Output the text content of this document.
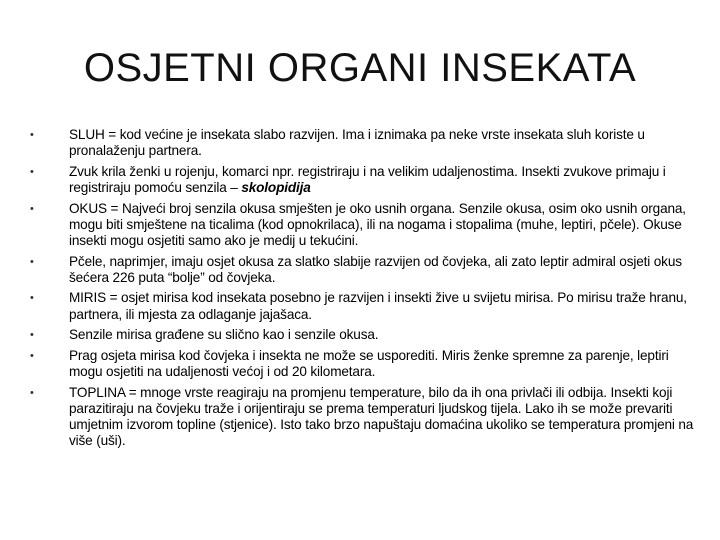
OSJETNI ORGANI INSEKATA
•	SLUH = kod većine je insekata slabo razvijen. Ima i iznimaka pa neke vrste insekata sluh koriste u pronalaženju partnera.
•	Zvuk krila ženki u rojenju, komarci npr. registriraju i na velikim udaljenostima. Insekti zvukove primaju i registriraju pomoću senzila – skolopidija
•	OKUS = Najveći broj senzila okusa smješten je oko usnih organa. Senzile okusa, osim oko usnih organa, mogu biti smještene na ticalima (kod opnokrilaca), ili na nogama i stopalima (muhe, leptiri, pčele). Okuse insekti mogu osjetiti samo ako je medij u tekućini.
•	Pčele, naprimjer, imaju osjet okusa za slatko slabije razvijen od čovjeka, ali zato leptir admiral osjeti okus šećera 226 puta “bolje” od čovjeka.
•	MIRIS = osjet mirisa kod insekata posebno je razvijen i insekti žive u svijetu mirisa. Po mirisu traže hranu, partnera, ili mjesta za odlaganje jajašaca.
•	Senzile mirisa građene su slično kao i senzile okusa.
•	Prag osjeta mirisa kod čovjeka i insekta ne može se usporediti. Miris ženke spremne za parenje, leptiri mogu osjetiti na udaljenosti većoj i od 20 kilometara.
•	TOPLINA = mnoge vrste reagiraju na promjenu temperature, bilo da ih ona privlači ili odbija. Insekti koji parazitiraju na čovjeku traže i orijentiraju se prema temperaturi ljudskog tijela. Lako ih se može prevariti umjetnim izvorom topline (stjenice). Isto tako brzo napuštaju domaćina ukoliko se temperatura promjeni na više (uši).
